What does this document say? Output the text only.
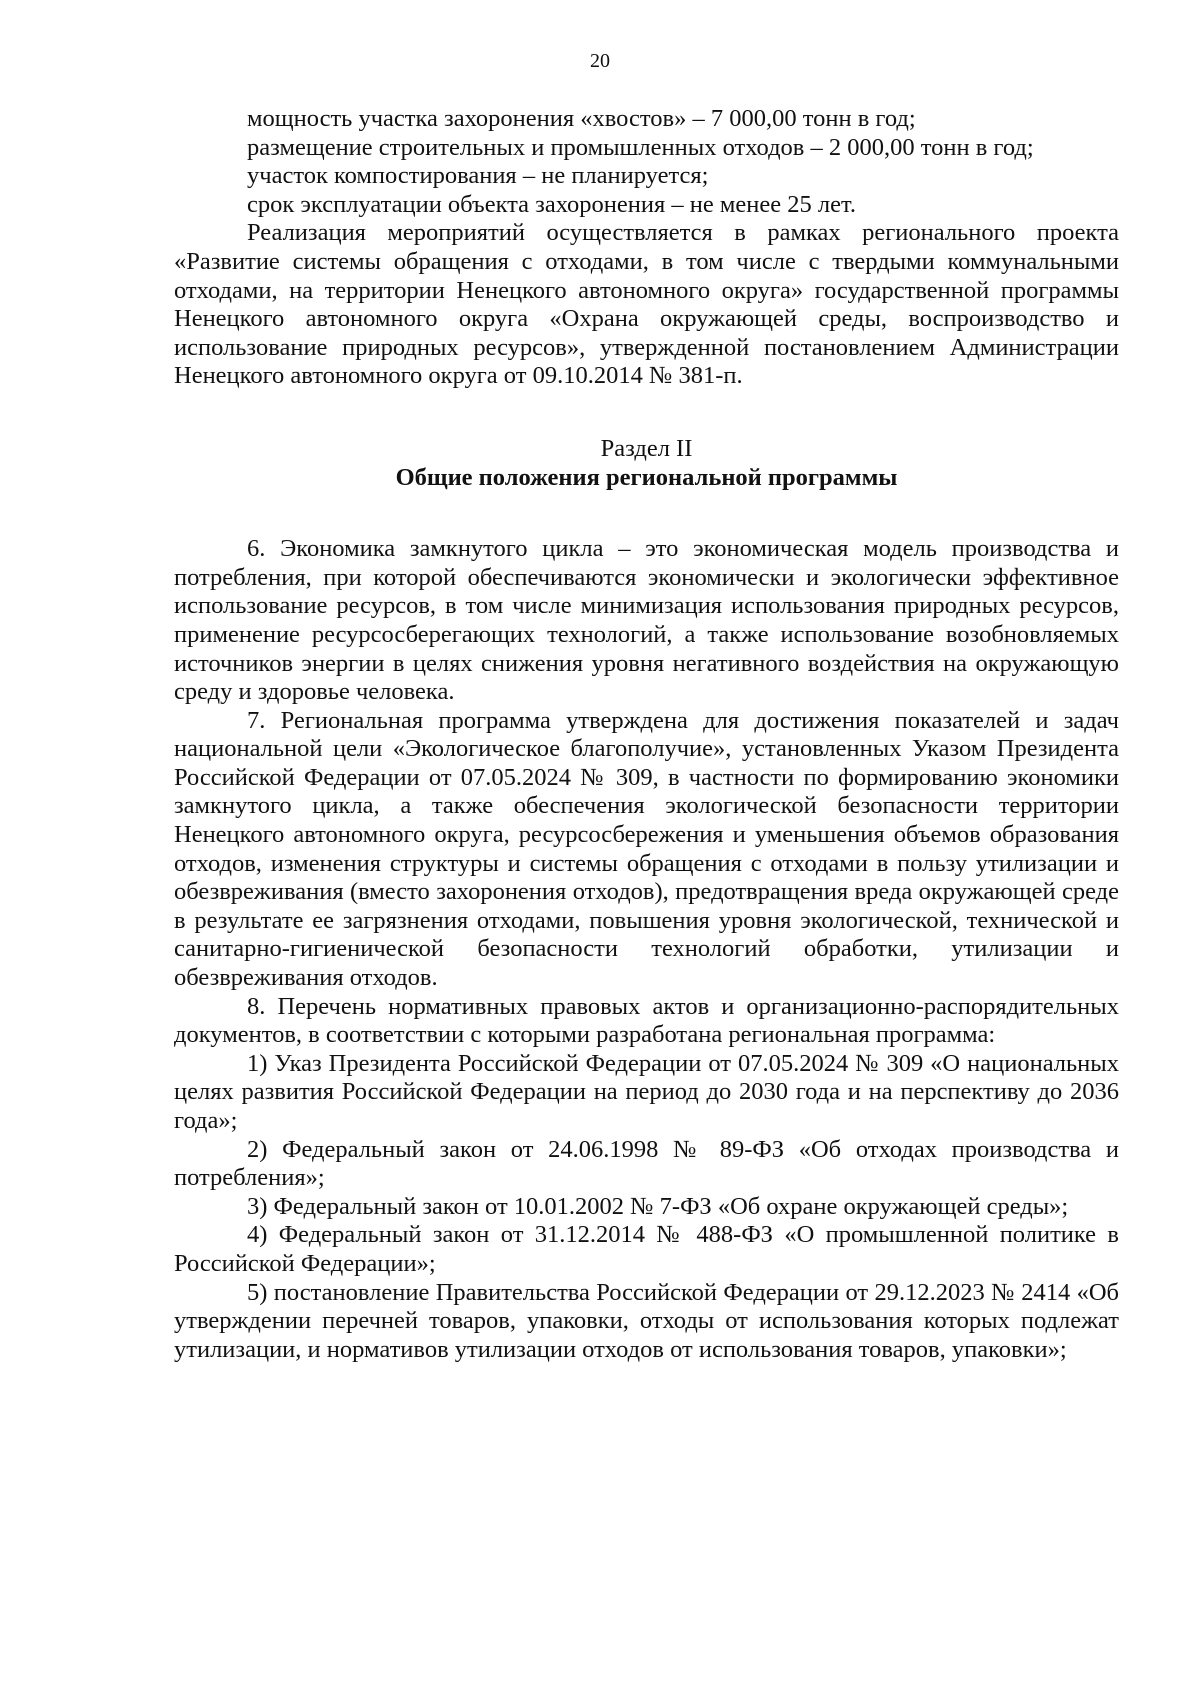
20
мощность участка захоронения «хвостов» – 7 000,00 тонн в год;
размещение строительных и промышленных отходов – 2 000,00 тонн в год;
участок компостирования – не планируется;
срок эксплуатации объекта захоронения – не менее 25 лет.

Реализация мероприятий осуществляется в рамках регионального проекта «Развитие системы обращения с отходами, в том числе с твердыми коммунальными отходами, на территории Ненецкого автономного округа» государственной программы Ненецкого автономного округа «Охрана окружающей среды, воспроизводство и использование природных ресурсов», утвержденной постановлением Администрации Ненецкого автономного округа от 09.10.2014 № 381-п.

Раздел II
Общие положения региональной программы

6. Экономика замкнутого цикла – это экономическая модель производства и потребления, при которой обеспечиваются экономически и экологически эффективное использование ресурсов, в том числе минимизация использования природных ресурсов, применение ресурсосберегающих технологий, а также использование возобновляемых источников энергии в целях снижения уровня негативного воздействия на окружающую среду и здоровье человека.

7. Региональная программа утверждена для достижения показателей и задач национальной цели «Экологическое благополучие», установленных Указом Президента Российской Федерации от 07.05.2024 № 309, в частности по формированию экономики замкнутого цикла, а также обеспечения экологической безопасности территории Ненецкого автономного округа, ресурсосбережения и уменьшения объемов образования отходов, изменения структуры и системы обращения с отходами в пользу утилизации и обезвреживания (вместо захоронения отходов), предотвращения вреда окружающей среде в результате ее загрязнения отходами, повышения уровня экологической, технической и санитарно-гигиенической безопасности технологий обработки, утилизации и обезвреживания отходов.

8. Перечень нормативных правовых актов и организационно-распорядительных документов, в соответствии с которыми разработана региональная программа:

1) Указ Президента Российской Федерации от 07.05.2024 № 309 «О национальных целях развития Российской Федерации на период до 2030 года и на перспективу до 2036 года»;

2) Федеральный закон от 24.06.1998 № 89-ФЗ «Об отходах производства и потребления»;

3) Федеральный закон от 10.01.2002 № 7-ФЗ «Об охране окружающей среды»;

4) Федеральный закон от 31.12.2014 № 488-ФЗ «О промышленной политике в Российской Федерации»;

5) постановление Правительства Российской Федерации от 29.12.2023 № 2414 «Об утверждении перечней товаров, упаковки, отходы от использования которых подлежат утилизации, и нормативов утилизации отходов от использования товаров, упаковки»;
